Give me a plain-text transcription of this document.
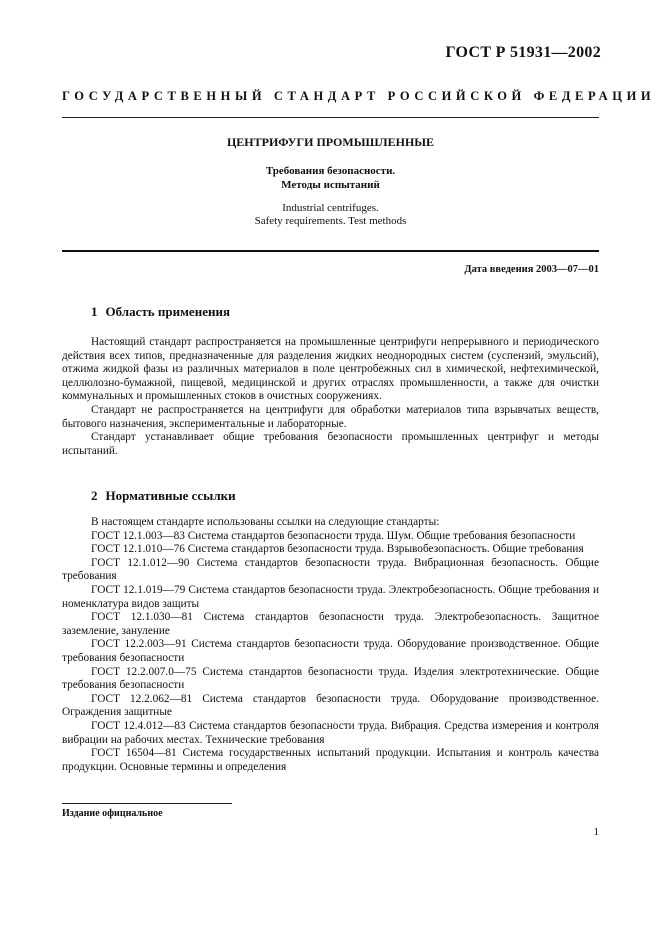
ГОСТ Р 51931—2002
ГОСУДАРСТВЕННЫЙ СТАНДАРТ РОССИЙСКОЙ ФЕДЕРАЦИИ
ЦЕНТРИФУГИ ПРОМЫШЛЕННЫЕ
Требования безопасности.
Методы испытаний
Industrial centrifuges.
Safety requirements. Test methods
Дата введения 2003—07—01
1 Область применения

Настоящий стандарт распространяется на промышленные центрифуги непрерывного и периодического действия всех типов, предназначенные для разделения жидких неоднородных систем (суспензий, эмульсий), отжима жидкой фазы из различных материалов в поле центробежных сил в химической, нефтехимической, целлюлозно-бумажной, пищевой, медицинской и других отраслях промышленности, а также для очистки коммунальных и промышленных стоков в очистных сооружениях.

Стандарт не распространяется на центрифуги для обработки материалов типа взрывчатых веществ, бытового назначения, экспериментальные и лабораторные.

Стандарт устанавливает общие требования безопасности промышленных центрифуг и методы испытаний.

2 Нормативные ссылки

В настоящем стандарте использованы ссылки на следующие стандарты:

ГОСТ 12.1.003—83 Система стандартов безопасности труда. Шум. Общие требования безопасности

ГОСТ 12.1.010—76 Система стандартов безопасности труда. Взрывобезопасность. Общие требования

ГОСТ 12.1.012—90 Система стандартов безопасности труда. Вибрационная безопасность. Общие требования

ГОСТ 12.1.019—79 Система стандартов безопасности труда. Электробезопасность. Общие требования и номенклатура видов защиты

ГОСТ 12.1.030—81 Система стандартов безопасности труда. Электробезопасность. Защитное заземление, зануление

ГОСТ 12.2.003—91 Система стандартов безопасности труда. Оборудование производственное. Общие требования безопасности

ГОСТ 12.2.007.0—75 Система стандартов безопасности труда. Изделия электротехнические. Общие требования безопасности

ГОСТ 12.2.062—81 Система стандартов безопасности труда. Оборудование производственное. Ограждения защитные

ГОСТ 12.4.012—83 Система стандартов безопасности труда. Вибрация. Средства измерения и контроля вибрации на рабочих местах. Технические требования

ГОСТ 16504—81 Система государственных испытаний продукции. Испытания и контроль качества продукции. Основные термины и определения

Издание официальное
1
